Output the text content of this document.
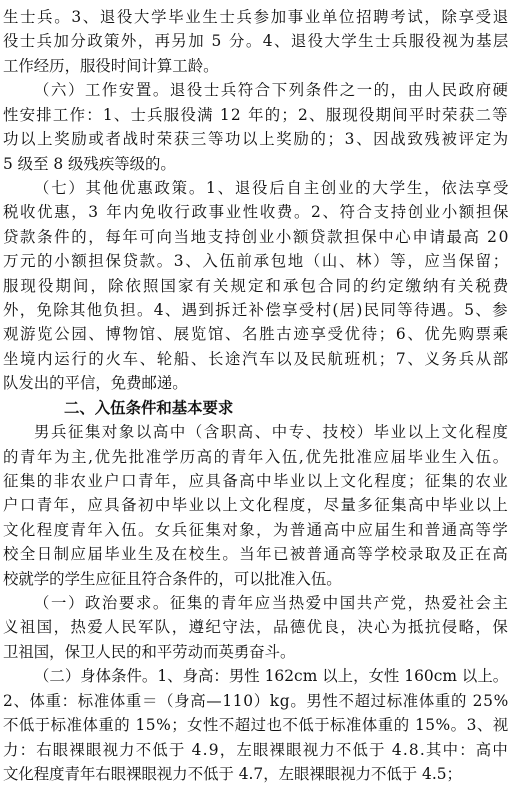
生士兵。3、退役大学毕业生士兵参加事业单位招聘考试，除享受退
役士兵加分政策外，再另加 5 分。4、退役大学生士兵服役视为基层
工作经历，服役时间计算工龄。
（六）工作安置。退役士兵符合下列条件之一的，由人民政府硬
性安排工作：1、士兵服役满 12 年的；2、服现役期间平时荣获二等
功以上奖励或者战时荣获三等功以上奖励的；3、因战致残被评定为
5 级至 8 级残疾等级的。
（七）其他优惠政策。1、退役后自主创业的大学生，依法享受
税收优惠，3 年内免收行政事业性收费。2、符合支持创业小额担保
贷款条件的，每年可向当地支持创业小额贷款担保中心申请最高 20
万元的小额担保贷款。3、入伍前承包地（山、林）等，应当保留；
服现役期间，除依照国家有关规定和承包合同的约定缴纳有关税费
外，免除其他负担。4、遇到拆迁补偿享受村(居)民同等待遇。5、参
观游览公园、博物馆、展览馆、名胜古迹享受优待；6、优先购票乘
坐境内运行的火车、轮船、长途汽车以及民航班机；7、义务兵从部
队发出的平信，免费邮递。
二、入伍条件和基本要求
男兵征集对象以高中（含职高、中专、技校）毕业以上文化程度
的青年为主,优先批准学历高的青年入伍,优先批准应届毕业生入伍。
征集的非农业户口青年，应具备高中毕业以上文化程度；征集的农业
户口青年，应具备初中毕业以上文化程度，尽量多征集高中毕业以上
文化程度青年入伍。女兵征集对象，为普通高中应届生和普通高等学
校全日制应届毕业生及在校生。当年已被普通高等学校录取及正在高
校就学的学生应征且符合条件的，可以批准入伍。
（一）政治要求。征集的青年应当热爱中国共产党，热爱社会主
义祖国，热爱人民军队，遵纪守法，品德优良，决心为抵抗侵略，保
卫祖国，保卫人民的和平劳动而英勇奋斗。
（二）身体条件。1、身高：男性 162cm 以上，女性 160cm 以上。
2、体重：标准体重＝（身高—110）kg。男性不超过标准体重的 25%
不低于标准体重的 15%；女性不超过也不低于标准体重的 15%。3、视
力：右眼裸眼视力不低于 4.9，左眼裸眼视力不低于 4.8.其中：高中
文化程度青年右眼裸眼视力不低于 4.7，左眼裸眼视力不低于 4.5；
